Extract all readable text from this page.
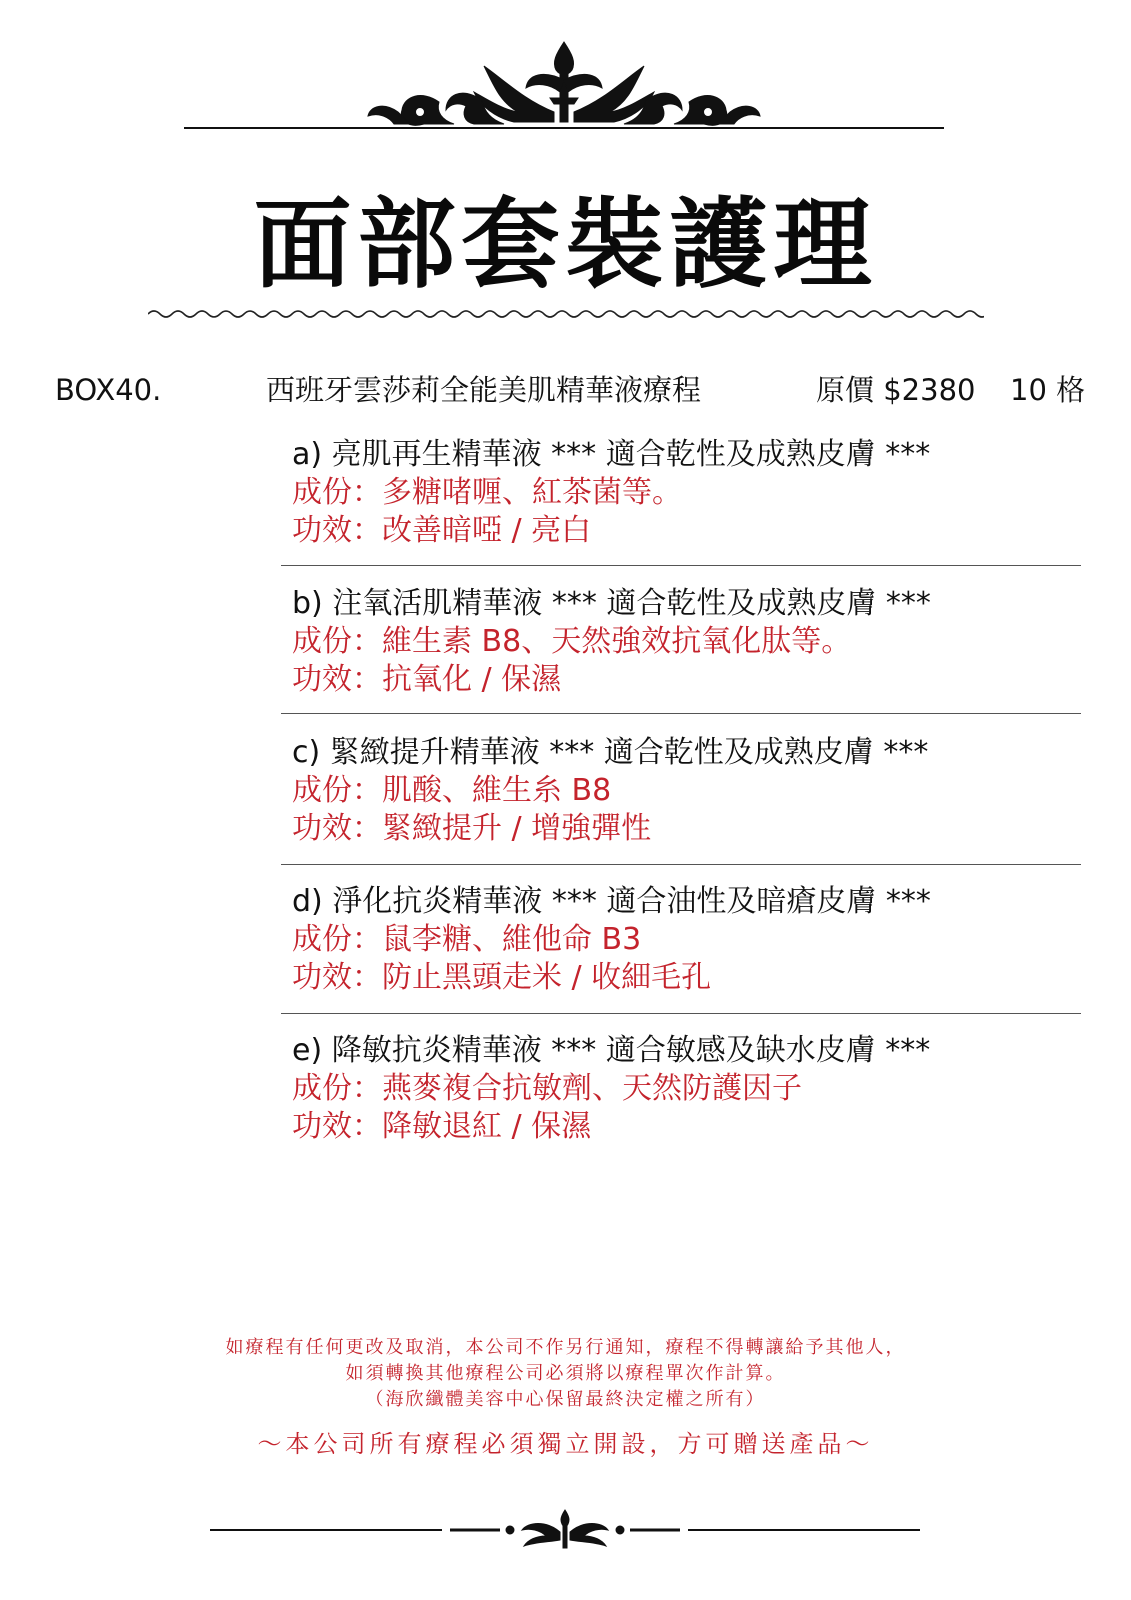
面部套裝護理
BOX40.	西班牙雲莎莉全能美肌精華液療程	原價 $2380 10 格
a) 亮肌再生精華液 *** 適合乾性及成熟皮膚 ***
成份：多糖啫喱、紅茶菌等。
功效：改善暗啞 / 亮白
b) 注氧活肌精華液 *** 適合乾性及成熟皮膚 ***
成份：維生素 B8、天然強效抗氧化肽等。
功效：抗氧化 / 保濕
c) 緊緻提升精華液 *** 適合乾性及成熟皮膚 ***
成份：肌酸、維生糸 B8
功效：緊緻提升 / 增強彈性
d) 淨化抗炎精華液 *** 適合油性及暗瘡皮膚 ***
成份：鼠李糖、維他命 B3
功效：防止黑頭走米 / 收細毛孔
e) 降敏抗炎精華液 *** 適合敏感及缺水皮膚 ***
成份：燕麥複合抗敏劑、天然防護因子
功效：降敏退紅 / 保濕
如療程有任何更改及取消，本公司不作另行通知，療程不得轉讓給予其他人，
如須轉換其他療程公司必須將以療程單次作計算。
（海欣纖體美容中心保留最終決定權之所有）
～本公司所有療程必須獨立開設，方可贈送產品～
